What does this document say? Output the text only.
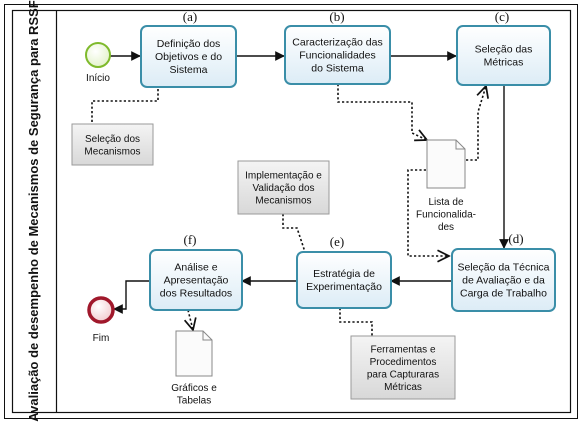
Avaliação de desempenho de Mecanismos de Segurança para RSSF	Início
Fim
(a)
Definição dos
Objetivos e do
Sistema
(b)
Caracterização das
Funcionalidades
do Sistema
(c)
Seleção das
Métricas
(d)
Seleção da Técnica
de Avaliação e da
Carga de Trabalho
(e)
Estratégia de
Experimentação
(f)
Análise e
Apresentação
dos Resultados
Seleção dos
Mecanismos
Implementação e
Validação dos
Mecanismos
Ferramentas e
Procedimentos
para Capturaras
Métricas
Lista de
Funcionalida-
des
Gráficos e
Tabelas
